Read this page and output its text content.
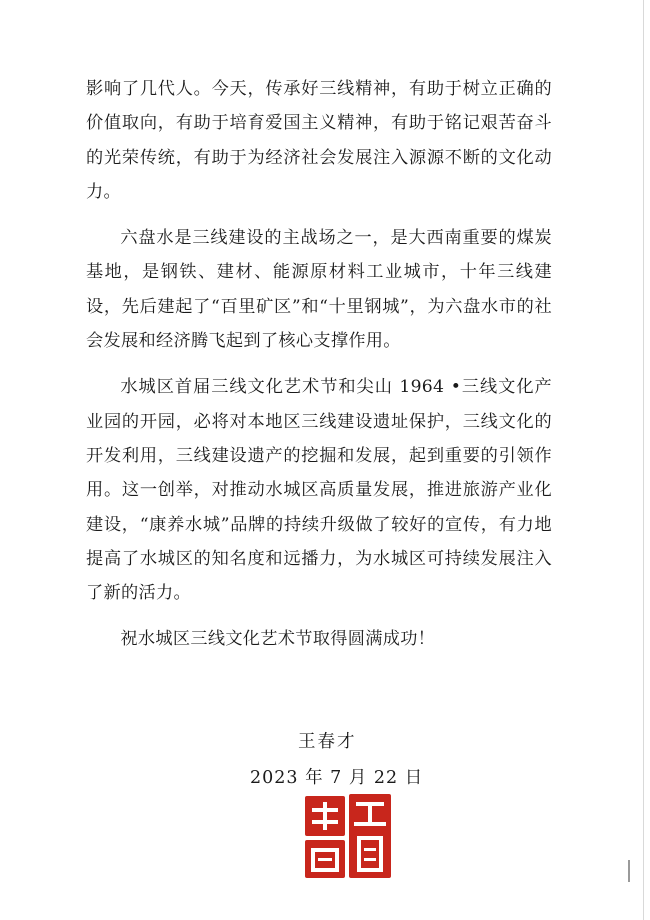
影响了几代人。今天，传承好三线精神，有助于树立正确的价值取向，有助于培育爱国主义精神，有助于铭记艰苦奋斗的光荣传统，有助于为经济社会发展注入源源不断的文化动力。

六盘水是三线建设的主战场之一，是大西南重要的煤炭基地，是钢铁、建材、能源原材料工业城市，十年三线建设，先后建起了“百里矿区”和“十里钢城”，为六盘水市的社会发展和经济腾飞起到了核心支撑作用。

水城区首届三线文化艺术节和尖山 1964 •三线文化产业园的开园，必将对本地区三线建设遗址保护，三线文化的开发利用，三线建设遗产的挖掘和发展，起到重要的引领作用。这一创举，对推动水城区高质量发展，推进旅游产业化建设，“康养水城”品牌的持续升级做了较好的宣传，有力地提高了水城区的知名度和远播力，为水城区可持续发展注入了新的活力。

祝水城区三线文化艺术节取得圆满成功！

王春才
2023 年 7 月 22 日
